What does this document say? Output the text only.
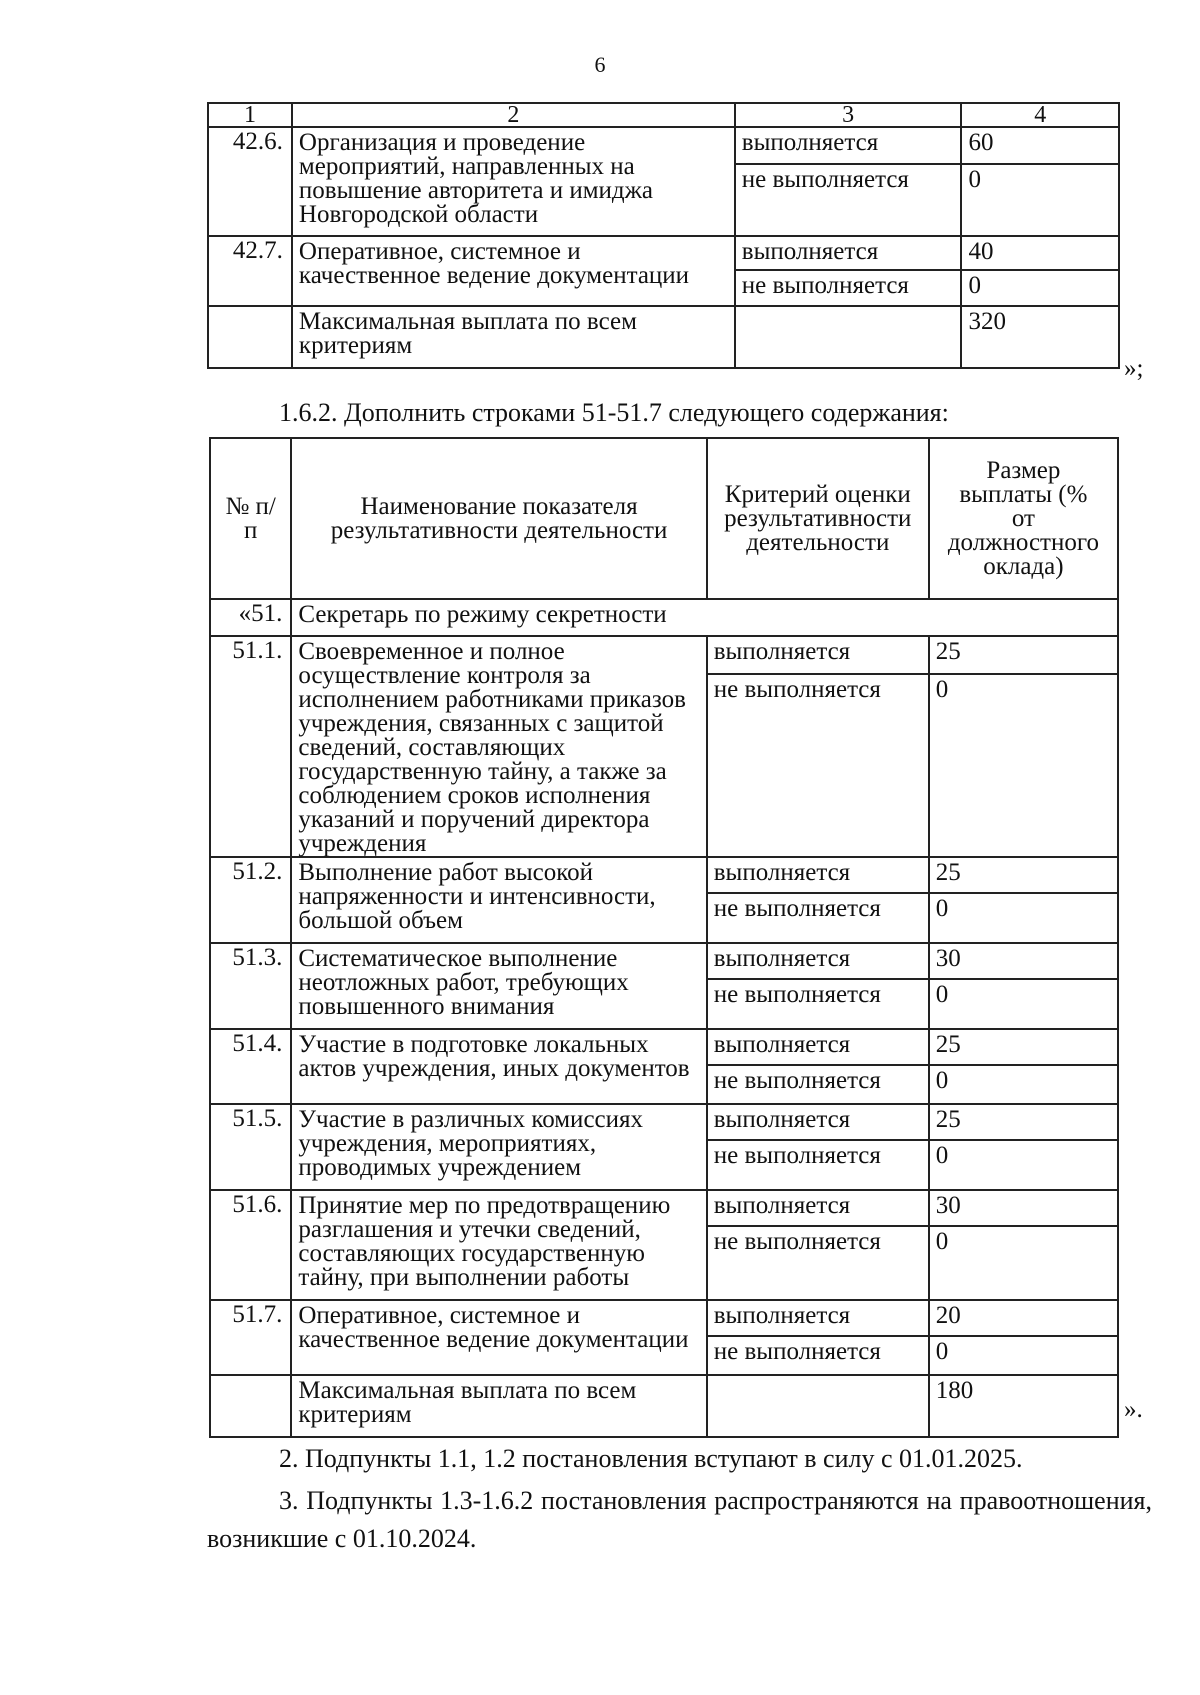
6
1	2	3	4
42.6.	Организация и проведение мероприятий, направленных на повышение авторитета и имиджа Новгородской области	выполняется	60
		не выполняется	0
42.7.	Оперативное, системное и качественное ведение документации	выполняется	40
		не выполняется	0
	Максимальная выплата по всем критериям		320
»;
1.6.2. Дополнить строками 51-51.7 следующего содержания:
№ п/п	Наименование показателя результативности деятельности	Критерий оценки результативности деятельности	Размер выплаты (% от должностного оклада)
«51.	Секретарь по режиму секретности		
51.1.	Своевременное и полное осуществление контроля за исполнением работниками приказов учреждения, связанных с защитой сведений, составляющих государственную тайну, а также за соблюдением сроков исполнения указаний и поручений директора учреждения	выполняется	25
		не выполняется	0
51.2.	Выполнение работ высокой напряженности и интенсивности, большой объем	выполняется	25
		не выполняется	0
51.3.	Систематическое выполнение неотложных работ, требующих повышенного внимания	выполняется	30
		не выполняется	0
51.4.	Участие в подготовке локальных актов учреждения, иных документов	выполняется	25
		не выполняется	0
51.5.	Участие в различных комиссиях учреждения, мероприятиях, проводимых учреждением	выполняется	25
		не выполняется	0
51.6.	Принятие мер по предотвращению разглашения и утечки сведений, составляющих государственную тайну, при выполнении работы	выполняется	30
		не выполняется	0
51.7.	Оперативное, системное и качественное ведение документации	выполняется	20
		не выполняется	0
	Максимальная выплата по всем критериям		180
».
2. Подпункты 1.1, 1.2 постановления вступают в силу с 01.01.2025.
3. Подпункты 1.3-1.6.2 постановления распространяются на правоотношения, возникшие с 01.10.2024.
